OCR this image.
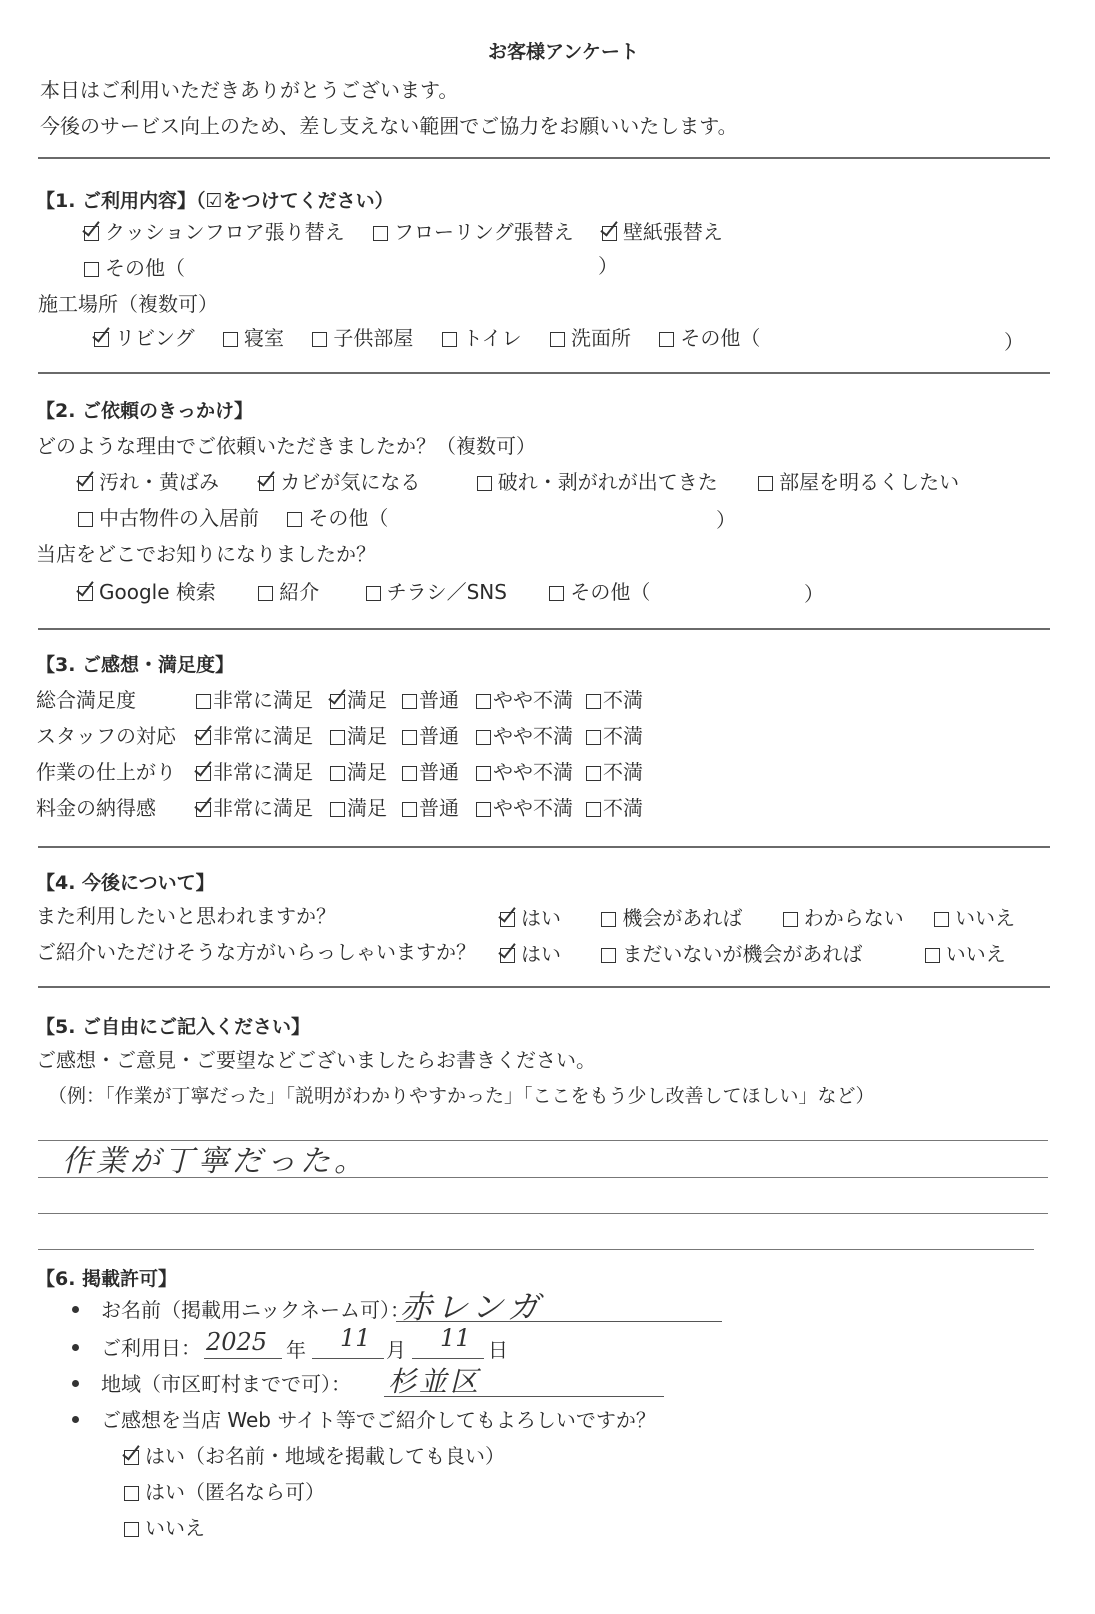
お客様アンケート
本日はご利用いただきありがとうございます。
今後のサービス向上のため、差し支えない範囲でご協力をお願いいたします。
【1. ご利用内容】（☑をつけてください）
クッションフロア張り替え フローリング張替え 壁紙張替え
その他（	）
施工場所（複数可）
リビング 寝室 子供部屋 トイレ 洗面所 その他（	）
【2. ご依頼のきっかけ】
どのような理由でご依頼いただきましたか？（複数可）
汚れ・黄ばみ	カビが気になる	破れ・剥がれが出てきた	部屋を明るくしたい
中古物件の入居前 その他（	）
当店をどこでお知りになりましたか？
Google 検索	紹介	チラシ／SNS	その他（	）
【3. ご感想・満足度】
総合満足度	非常に満足	満足	普通	やや不満	不満
スタッフの対応	非常に満足	満足	普通	やや不満	不満
作業の仕上がり	非常に満足	満足	普通	やや不満	不満
料金の納得感	非常に満足	満足	普通	やや不満	不満
【4. 今後について】
また利用したいと思われますか？	はい	機会があれば	わからない	いいえ
ご紹介いただけそうな方がいらっしゃいますか？	はい	まだいないが機会があれば	いいえ
【5. ご自由にご記入ください】
ご感想・ご意見・ご要望などございましたらお書きください。
（例：「作業が丁寧だった」「説明がわかりやすかった」「ここをもう少し改善してほしい」など）
作業が丁寧だった。
【6. 掲載許可】
お名前（掲載用ニックネーム可）：
赤レンガ
ご利用日： 2025 年 11 月 11 日
地域（市区町村までで可）： 杉並区
ご感想を当店 Web サイト等でご紹介してもよろしいですか？
はい（お名前・地域を掲載しても良い）
はい（匿名なら可）
いいえ
